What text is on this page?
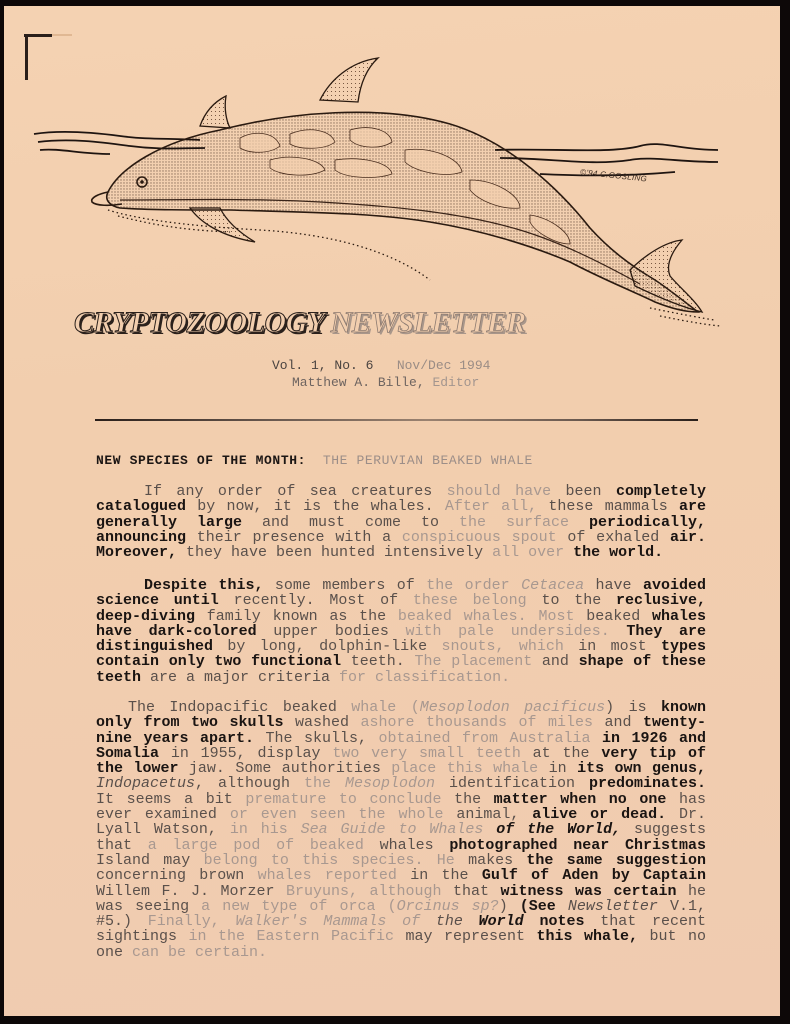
©'94 C.GOSLING
CRYPTOZOOLOGY NEWSLETTER
Vol. 1, No. 6 Nov/Dec 1994
Matthew A. Bille, Editor
NEW SPECIES OF THE MONTH: THE PERUVIAN BEAKED WHALE

If any order of sea creatures should have been completely catalogued by now, it is the whales. After all, these mammals are generally large and must come to the surface periodically, announcing their presence with a conspicuous spout of exhaled air. Moreover, they have been hunted intensively all over the world.

Despite this, some members of the order Cetacea have avoided science until recently. Most of these belong to the reclusive, deep-diving family known as the beaked whales. Most beaked whales have dark-colored upper bodies with pale undersides. They are distinguished by long, dolphin-like snouts, which in most types contain only two functional teeth. The placement and shape of these teeth are a major criteria for classification.

The Indopacific beaked whale (Mesoplodon pacificus) is known only from two skulls washed ashore thousands of miles and twenty-nine years apart. The skulls, obtained from Australia in 1926 and Somalia in 1955, display two very small teeth at the very tip of the lower jaw. Some authorities place this whale in its own genus, Indopacetus, although the Mesoplodon identification predominates. It seems a bit premature to conclude the matter when no one has ever examined or even seen the whole animal, alive or dead. Dr. Lyall Watson, in his Sea Guide to Whales of the World, suggests that a large pod of beaked whales photographed near Christmas Island may belong to this species. He makes the same suggestion concerning brown whales reported in the Gulf of Aden by Captain Willem F. J. Morzer Bruyuns, although that witness was certain he was seeing a new type of orca (Orcinus sp?) (See Newsletter V.1, #5.) Finally, Walker's Mammals of the World notes that recent sightings in the Eastern Pacific may represent this whale, but no one can be certain.
